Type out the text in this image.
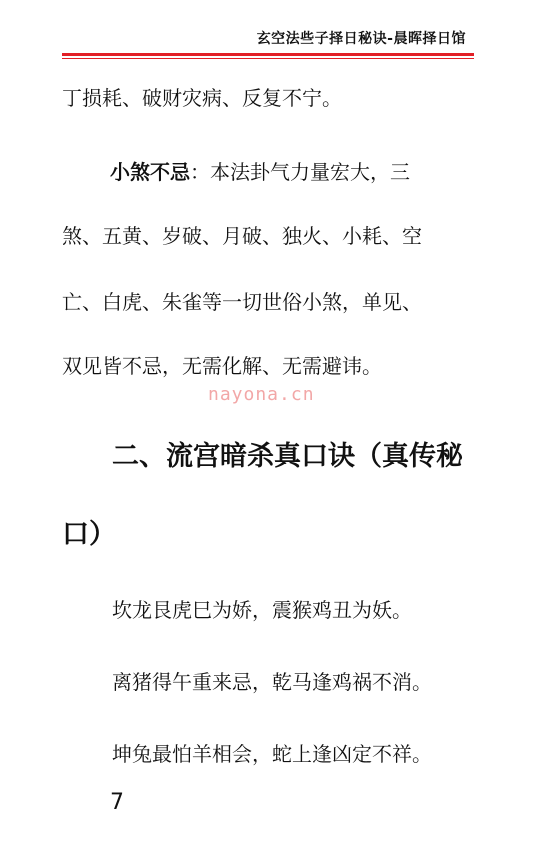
玄空法些子择日秘诀-晨晖择日馆
丁损耗、破财灾病、反复不宁。
小煞不忌：本法卦气力量宏大，三
煞、五黄、岁破、月破、独火、小耗、空
亡、白虎、朱雀等一切世俗小煞，单见、
双见皆不忌，无需化解、无需避讳。
nayona.cn
二、流宫暗杀真口诀（真传秘
口）
坎龙艮虎巳为娇，震猴鸡丑为妖。
离猪得午重来忌，乾马逢鸡祸不消。
坤兔最怕羊相会，蛇上逢凶定不祥。
7
